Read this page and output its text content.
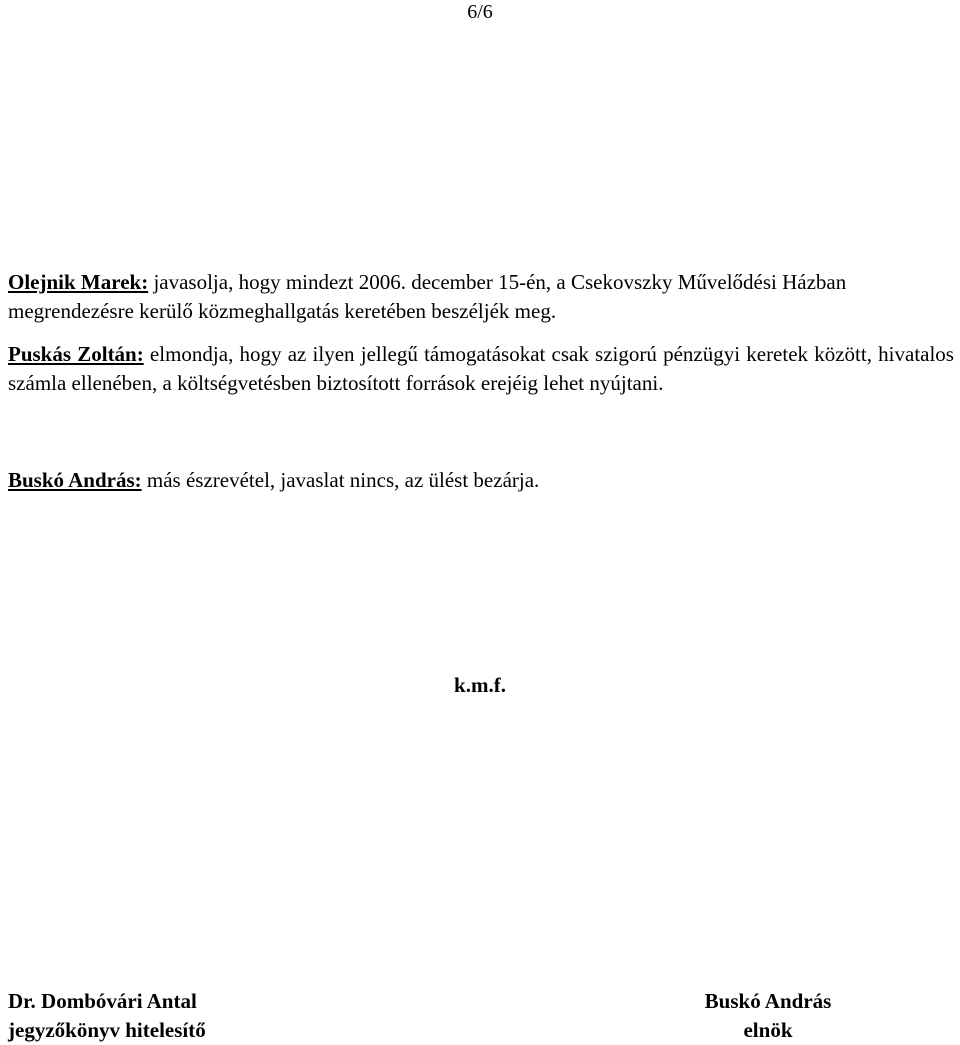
6/6
Olejnik Marek: javasolja, hogy mindezt 2006. december 15-én, a Csekovszky Művelődési Házban megrendezésre kerülő közmeghallgatás keretében beszéljék meg.
Puskás Zoltán: elmondja, hogy az ilyen jellegű támogatásokat csak szigorú pénzügyi keretek között, hivatalos számla ellenében, a költségvetésben biztosított források erejéig lehet nyújtani.
Buskó András: más észrevétel, javaslat nincs, az ülést bezárja.
k.m.f.
Dr. Dombóvári Antal
jegyzőkönyv hitelesítő
Buskó András
elnök
